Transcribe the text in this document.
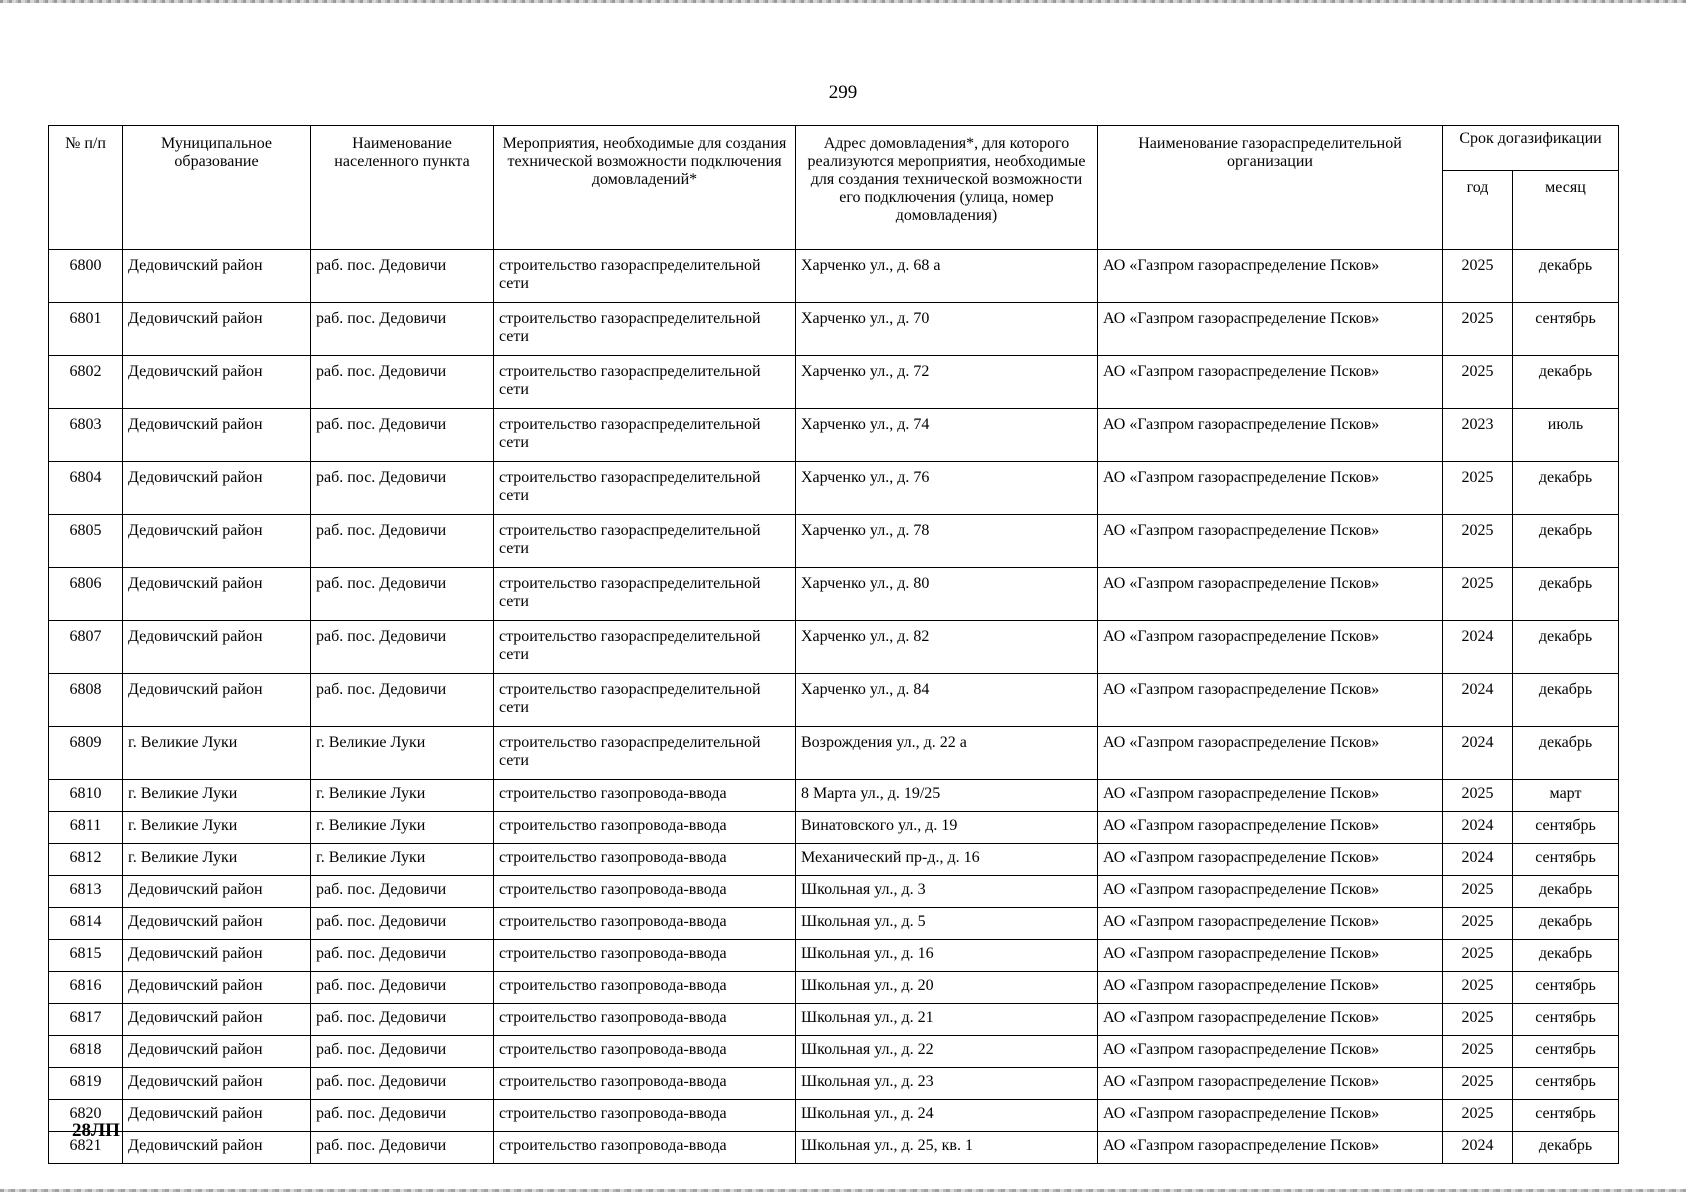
299
№ п/п	Муниципальное образование	Наименование населенного пункта	Мероприятия, необходимые для создания технической возможности подключения домовладений*	Адрес домовладения*, для которого реализуются мероприятия, необходимые для создания технической возможности его подключения (улица, номер домовладения)	Наименование газораспределительной организации	Срок догазификации	
						год	месяц
6800	Дедовичский район	раб. пос. Дедовичи	строительство газораспределительной сети	Харченко ул., д. 68 а	АО «Газпром газораспределение Псков»	2025	декабрь
6801	Дедовичский район	раб. пос. Дедовичи	строительство газораспределительной сети	Харченко ул., д. 70	АО «Газпром газораспределение Псков»	2025	сентябрь
6802	Дедовичский район	раб. пос. Дедовичи	строительство газораспределительной сети	Харченко ул., д. 72	АО «Газпром газораспределение Псков»	2025	декабрь
6803	Дедовичский район	раб. пос. Дедовичи	строительство газораспределительной сети	Харченко ул., д. 74	АО «Газпром газораспределение Псков»	2023	июль
6804	Дедовичский район	раб. пос. Дедовичи	строительство газораспределительной сети	Харченко ул., д. 76	АО «Газпром газораспределение Псков»	2025	декабрь
6805	Дедовичский район	раб. пос. Дедовичи	строительство газораспределительной сети	Харченко ул., д. 78	АО «Газпром газораспределение Псков»	2025	декабрь
6806	Дедовичский район	раб. пос. Дедовичи	строительство газораспределительной сети	Харченко ул., д. 80	АО «Газпром газораспределение Псков»	2025	декабрь
6807	Дедовичский район	раб. пос. Дедовичи	строительство газораспределительной сети	Харченко ул., д. 82	АО «Газпром газораспределение Псков»	2024	декабрь
6808	Дедовичский район	раб. пос. Дедовичи	строительство газораспределительной сети	Харченко ул., д. 84	АО «Газпром газораспределение Псков»	2024	декабрь
6809	г. Великие Луки	г. Великие Луки	строительство газораспределительной сети	Возрождения ул., д. 22 а	АО «Газпром газораспределение Псков»	2024	декабрь
6810	г. Великие Луки	г. Великие Луки	строительство газопровода-ввода	8 Марта ул., д. 19/25	АО «Газпром газораспределение Псков»	2025	март
6811	г. Великие Луки	г. Великие Луки	строительство газопровода-ввода	Винатовского ул., д. 19	АО «Газпром газораспределение Псков»	2024	сентябрь
6812	г. Великие Луки	г. Великие Луки	строительство газопровода-ввода	Механический пр-д., д. 16	АО «Газпром газораспределение Псков»	2024	сентябрь
6813	Дедовичский район	раб. пос. Дедовичи	строительство газопровода-ввода	Школьная ул., д. 3	АО «Газпром газораспределение Псков»	2025	декабрь
6814	Дедовичский район	раб. пос. Дедовичи	строительство газопровода-ввода	Школьная ул., д. 5	АО «Газпром газораспределение Псков»	2025	декабрь
6815	Дедовичский район	раб. пос. Дедовичи	строительство газопровода-ввода	Школьная ул., д. 16	АО «Газпром газораспределение Псков»	2025	декабрь
6816	Дедовичский район	раб. пос. Дедовичи	строительство газопровода-ввода	Школьная ул., д. 20	АО «Газпром газораспределение Псков»	2025	сентябрь
6817	Дедовичский район	раб. пос. Дедовичи	строительство газопровода-ввода	Школьная ул., д. 21	АО «Газпром газораспределение Псков»	2025	сентябрь
6818	Дедовичский район	раб. пос. Дедовичи	строительство газопровода-ввода	Школьная ул., д. 22	АО «Газпром газораспределение Псков»	2025	сентябрь
6819	Дедовичский район	раб. пос. Дедовичи	строительство газопровода-ввода	Школьная ул., д. 23	АО «Газпром газораспределение Псков»	2025	сентябрь
6820	Дедовичский район	раб. пос. Дедовичи	строительство газопровода-ввода	Школьная ул., д. 24	АО «Газпром газораспределение Псков»	2025	сентябрь
6821	Дедовичский район	раб. пос. Дедовичи	строительство газопровода-ввода	Школьная ул., д. 25, кв. 1	АО «Газпром газораспределение Псков»	2024	декабрь
28ЛП
